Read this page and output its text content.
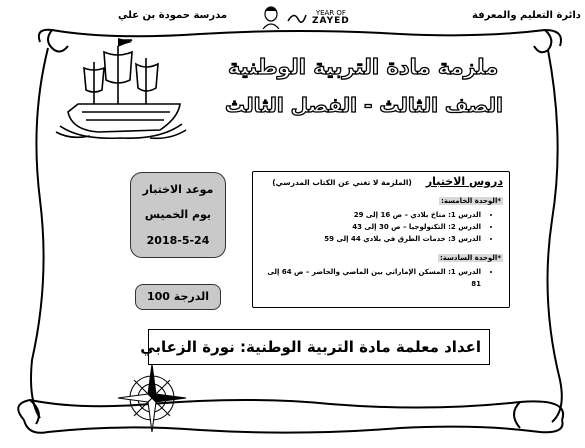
دائرة التعليم والمعرفة
مدرسة حمودة بن علي	YEAR OF
ZAYED
ملزمة مادة التربية الوطنية
الصف الثالث - الفصل الثالث
موعد الاختبار
يوم الخميس
2018-5-24
الدرجة 100
دروس الاختبار
(الملزمة لا تغني عن الكتاب المدرسي)
*الوحدة الخامسة:
• الدرس 1: مناخ بلادي – ص 16 إلى 29
• الدرس 2: التكنولوجيا – ص 30 إلى 43
• الدرس 3: خدمات الطرق في بلادي 44 إلى 59
*الوحدة السادسة:
• الدرس 1: المسكن الإماراتي بين الماضي والحاضر – ص 64 إلى 81
اعداد معلمة مادة التربية الوطنية: نورة الزعابي
